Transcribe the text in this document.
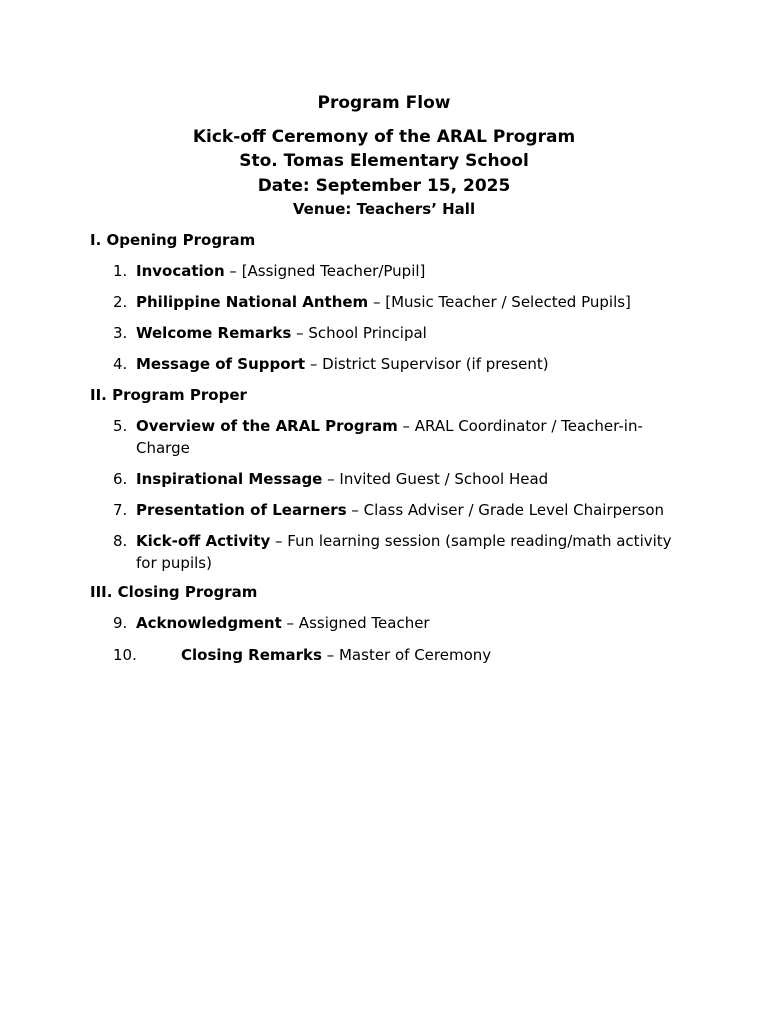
Program Flow
Kick-off Ceremony of the ARAL Program
Sto. Tomas Elementary School
Date: September 15, 2025
Venue: Teachers’ Hall
I. Opening Program
1. Invocation – [Assigned Teacher/Pupil]
2. Philippine National Anthem – [Music Teacher / Selected Pupils]
3. Welcome Remarks – School Principal
4. Message of Support – District Supervisor (if present)
II. Program Proper
5. Overview of the ARAL Program – ARAL Coordinator / Teacher-in-Charge
6. Inspirational Message – Invited Guest / School Head
7. Presentation of Learners – Class Adviser / Grade Level Chairperson
8. Kick-off Activity – Fun learning session (sample reading/math activity for pupils)
III. Closing Program
9. Acknowledgment – Assigned Teacher
10.	Closing Remarks – Master of Ceremony
